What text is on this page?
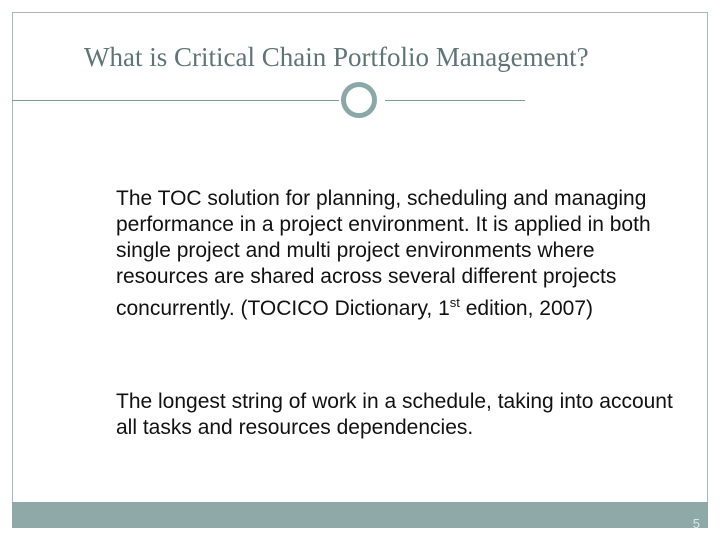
What is Critical Chain Portfolio Management?
The TOC solution for planning, scheduling and managing performance in a project environment. It is applied in both single project and multi project environments where resources are shared across several different projects concurrently. (TOCICO Dictionary, 1st edition, 2007)
The longest string of work in a schedule, taking into account all tasks and resources dependencies.
5
